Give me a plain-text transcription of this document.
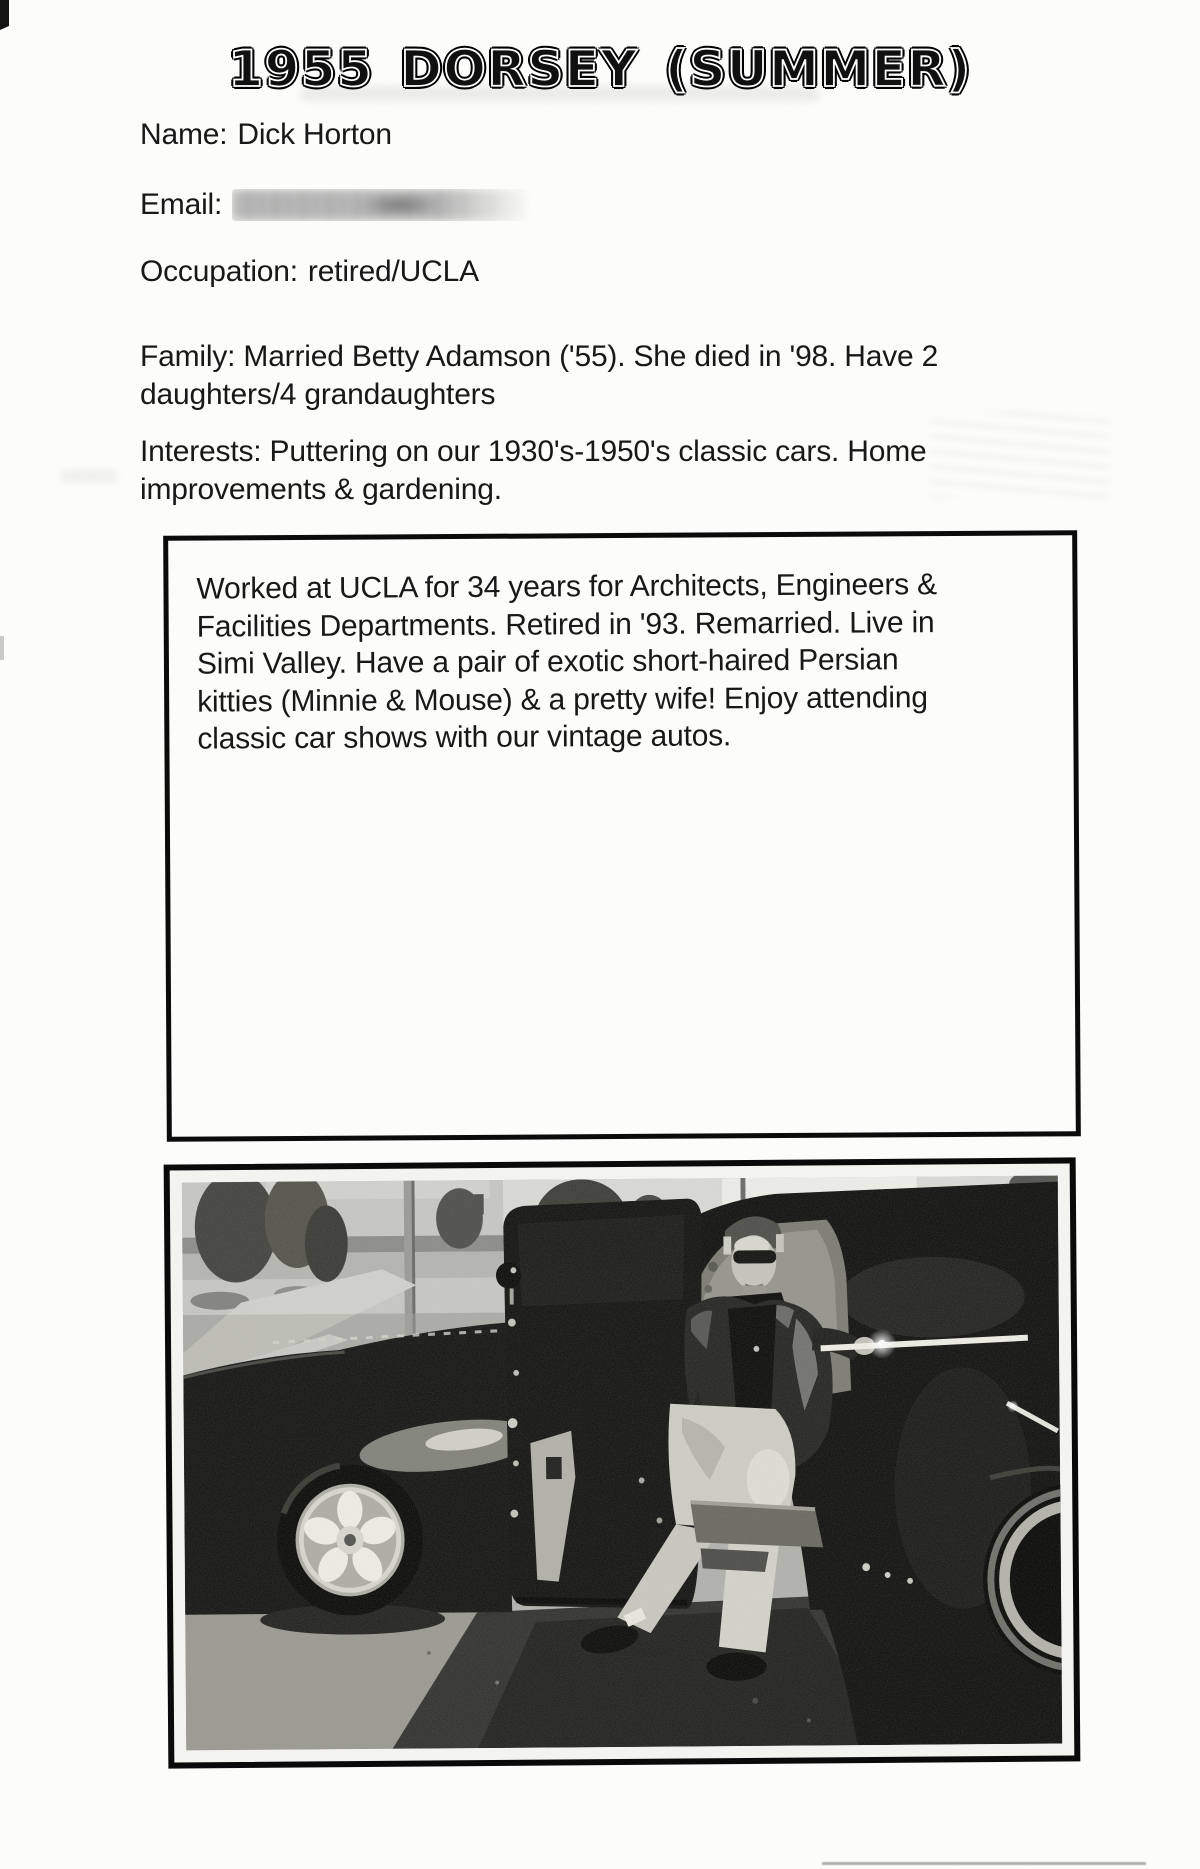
1955 DORSEY (SUMMER)
Name: Dick Horton
Email:
Occupation: retired/UCLA
Family: Married Betty Adamson ('55). She died in '98. Have 2
daughters/4 grandaughters
Interests: Puttering on our 1930's-1950's classic cars. Home
improvements & gardening.
Worked at UCLA for 34 years for Architects, Engineers &
Facilities Departments. Retired in '93. Remarried. Live in
Simi Valley. Have a pair of exotic short-haired Persian
kitties (Minnie & Mouse) & a pretty wife! Enjoy attending
classic car shows with our vintage autos.
